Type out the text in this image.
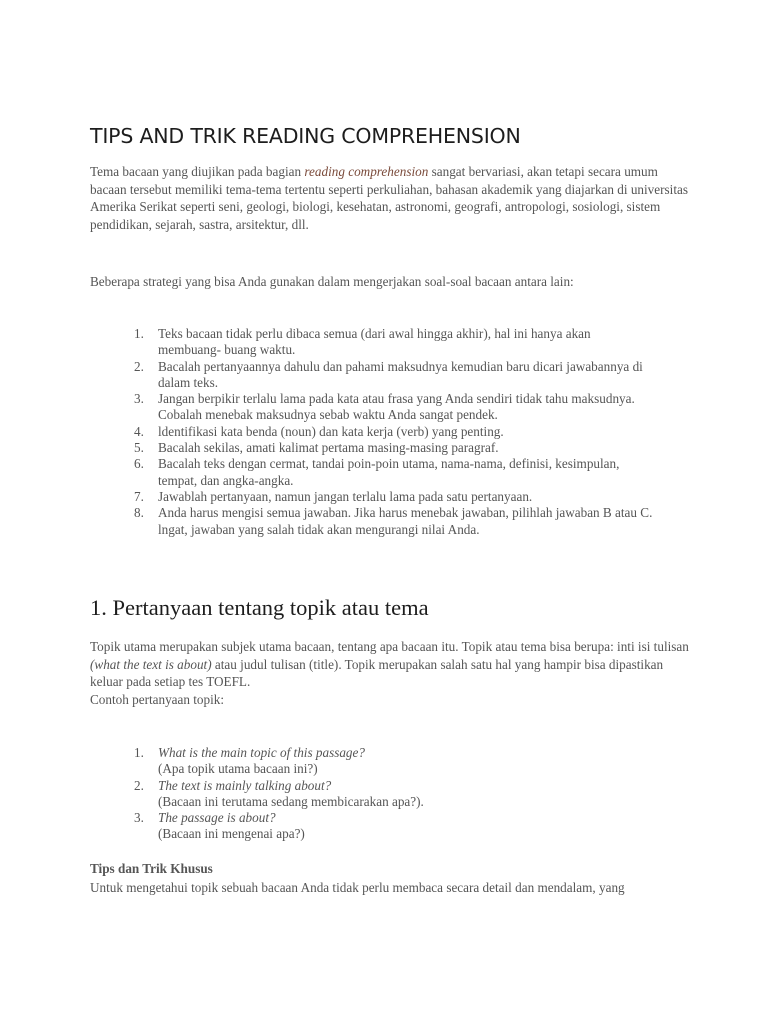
TIPS AND TRIK READING COMPREHENSION

Tema bacaan yang diujikan pada bagian reading comprehension sangat bervariasi, akan tetapi secara umum bacaan tersebut memiliki tema-tema tertentu seperti perkuliahan, bahasan akademik yang diajarkan di universitas Amerika Serikat seperti seni, geologi, biologi, kesehatan, astronomi, geografi, antropologi, sosiologi, sistem pendidikan, sejarah, sastra, arsitektur, dll.

Beberapa strategi yang bisa Anda gunakan dalam mengerjakan soal-soal bacaan antara lain:

1. Teks bacaan tidak perlu dibaca semua (dari awal hingga akhir), hal ini hanya akan
membuang- buang waktu.
2. Bacalah pertanyaannya dahulu dan pahami maksudnya kemudian baru dicari jawabannya di
dalam teks.
3. Jangan berpikir terlalu lama pada kata atau frasa yang Anda sendiri tidak tahu maksudnya.
Cobalah menebak maksudnya sebab waktu Anda sangat pendek.
4. ldentifikasi kata benda (noun) dan kata kerja (verb) yang penting.
5. Bacalah sekilas, amati kalimat pertama masing-masing paragraf.
6. Bacalah teks dengan cermat, tandai poin-poin utama, nama-nama, definisi, kesimpulan,
tempat, dan angka-angka.
7. Jawablah pertanyaan, namun jangan terlalu lama pada satu pertanyaan.
8. Anda harus mengisi semua jawaban. Jika harus menebak jawaban, pilihlah jawaban B atau C.
lngat, jawaban yang salah tidak akan mengurangi nilai Anda.
1. Pertanyaan tentang topik atau tema

Topik utama merupakan subjek utama bacaan, tentang apa bacaan itu. Topik atau tema bisa berupa: inti isi tulisan (what the text is about) atau judul tulisan (title). Topik merupakan salah satu hal yang hampir bisa dipastikan keluar pada setiap tes TOEFL.
Contoh pertanyaan topik:

1. What is the main topic of this passage?
(Apa topik utama bacaan ini?)
2. The text is mainly talking about?
(Bacaan ini terutama sedang membicarakan apa?).
3. The passage is about?
(Bacaan ini mengenai apa?)

Tips dan Trik Khusus

Untuk mengetahui topik sebuah bacaan Anda tidak perlu membaca secara detail dan mendalam, yang
